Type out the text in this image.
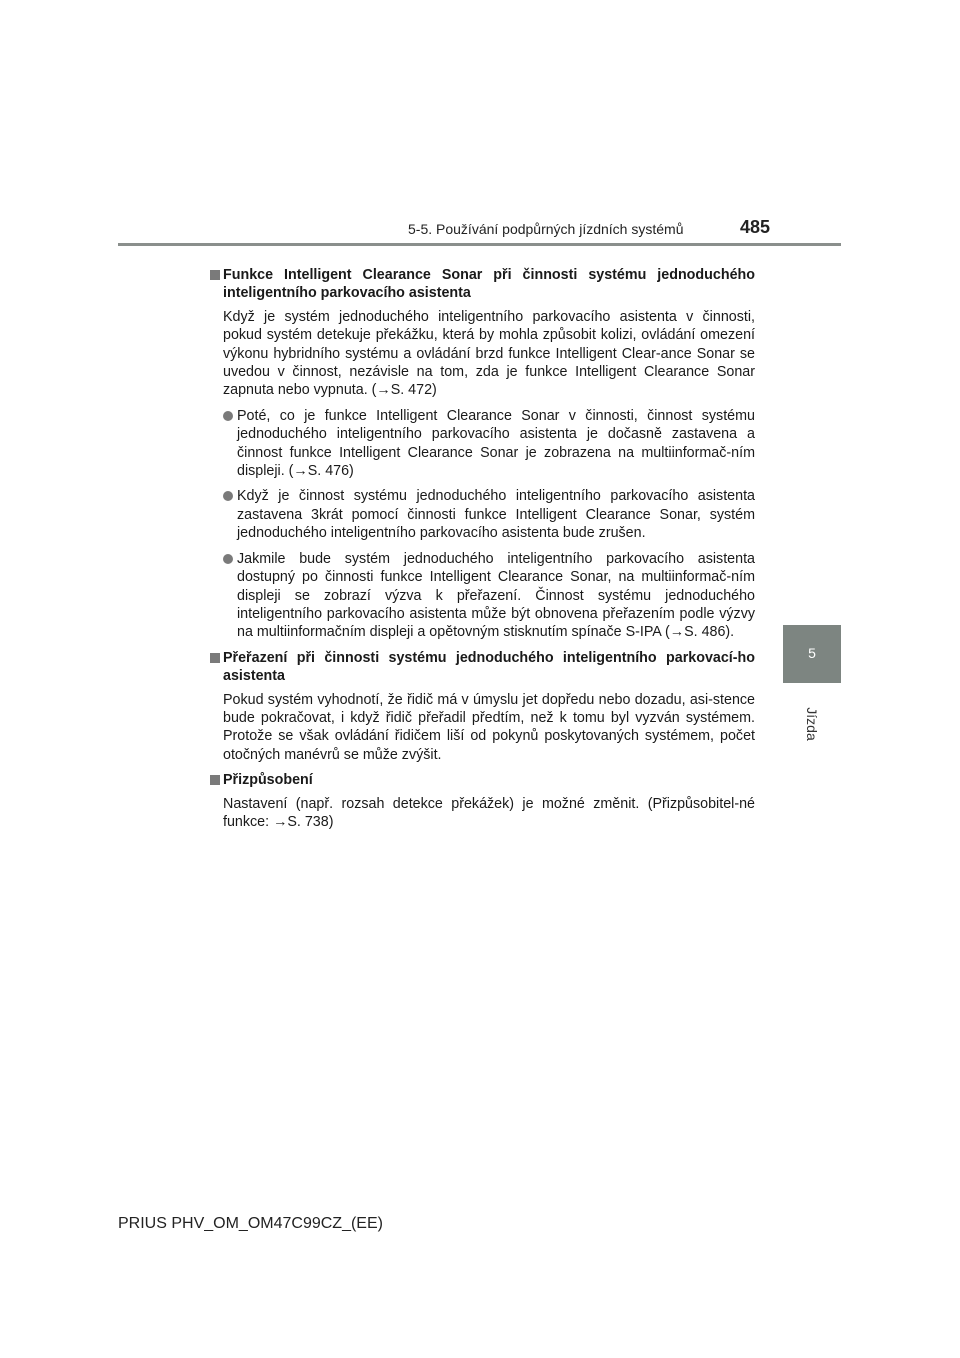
5-5. Používání podpůrných jízdních systémů	485
5
Jízda
Funkce Intelligent Clearance Sonar při činnosti systému jednoduchého inteligentního parkovacího asistenta

Když je systém jednoduchého inteligentního parkovacího asistenta v činnosti, pokud systém detekuje překážku, která by mohla způsobit kolizi, ovládání omezení výkonu hybridního systému a ovládání brzd funkce Intelligent Clear-ance Sonar se uvedou v činnost, nezávisle na tom, zda je funkce Intelligent Clearance Sonar zapnuta nebo vypnuta. (→S. 472)

Poté, co je funkce Intelligent Clearance Sonar v činnosti, činnost systému jednoduchého inteligentního parkovacího asistenta je dočasně zastavena a činnost funkce Intelligent Clearance Sonar je zobrazena na multiinformač-ním displeji. (→S. 476)
Když je činnost systému jednoduchého inteligentního parkovacího asistenta zastavena 3krát pomocí činnosti funkce Intelligent Clearance Sonar, systém jednoduchého inteligentního parkovacího asistenta bude zrušen.
Jakmile bude systém jednoduchého inteligentního parkovacího asistenta dostupný po činnosti funkce Intelligent Clearance Sonar, na multiinformač-ním displeji se zobrazí výzva k přeřazení. Činnost systému jednoduchého inteligentního parkovacího asistenta může být obnovena přeřazením podle výzvy na multiinformačním displeji a opětovným stisknutím spínače S-IPA (→S. 486).
Přeřazení při činnosti systému jednoduchého inteligentního parkovací-ho asistenta

Pokud systém vyhodnotí, že řidič má v úmyslu jet dopředu nebo dozadu, asi-stence bude pokračovat, i když řidič přeřadil předtím, než k tomu byl vyzván systémem. Protože se však ovládání řidičem liší od pokynů poskytovaných systémem, počet otočných manévrů se může zvýšit.

Přizpůsobení

Nastavení (např. rozsah detekce překážek) je možné změnit. (Přizpůsobitel-né funkce: →S. 738)

PRIUS PHV_OM_OM47C99CZ_(EE)
